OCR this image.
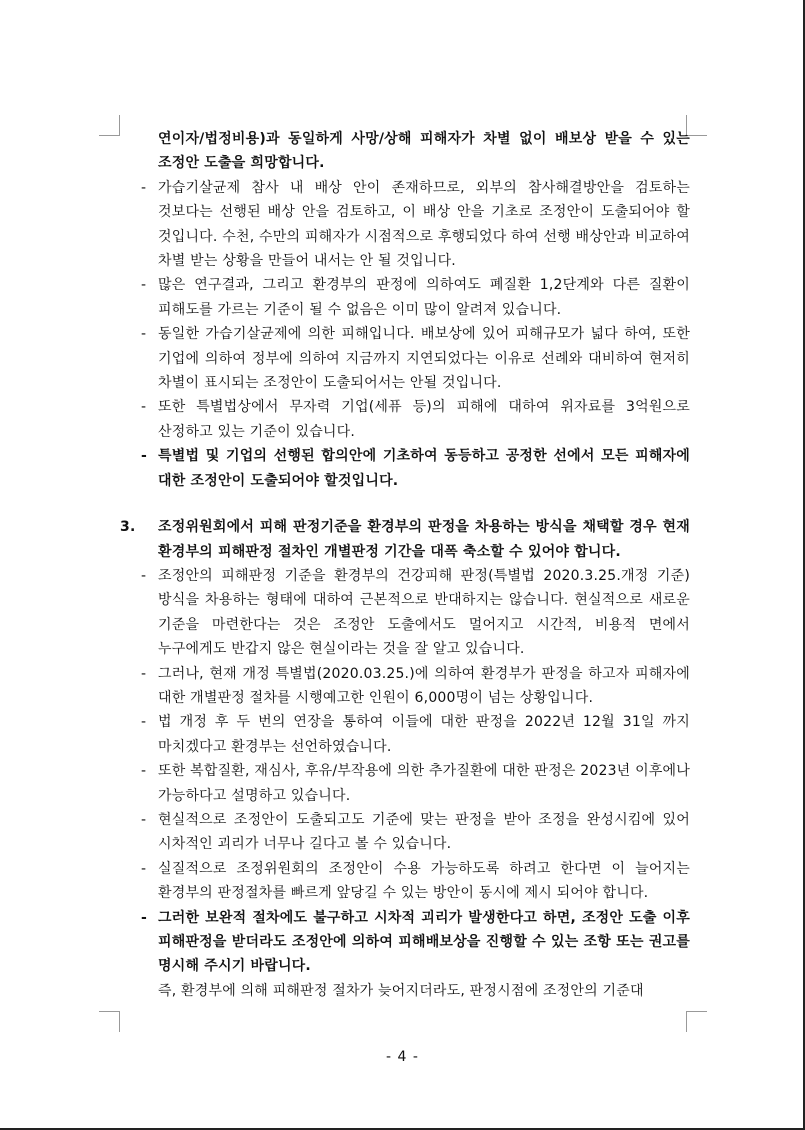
연이자/법정비용)과 동일하게 사망/상해 피해자가 차별 없이 배보상 받을 수 있는 조정안 도출을 희망합니다.

- 가습기살균제 참사 내 배상 안이 존재하므로, 외부의 참사해결방안을 검토하는 것보다는 선행된 배상 안을 검토하고, 이 배상 안을 기초로 조정안이 도출되어야 할 것입니다. 수천, 수만의 피해자가 시점적으로 후행되었다 하여 선행 배상안과 비교하여 차별 받는 상황을 만들어 내서는 안 될 것입니다.

- 많은 연구결과, 그리고 환경부의 판정에 의하여도 폐질환 1,2단계와 다른 질환이 피해도를 가르는 기준이 될 수 없음은 이미 많이 알려져 있습니다.

- 동일한 가습기살균제에 의한 피해입니다. 배보상에 있어 피해규모가 넓다 하여, 또한 기업에 의하여 정부에 의하여 지금까지 지연되었다는 이유로 선례와 대비하여 현저히 차별이 표시되는 조정안이 도출되어서는 안될 것입니다.

- 또한 특별법상에서 무자력 기업(세퓨 등)의 피해에 대하여 위자료를 3억원으로 산정하고 있는 기준이 있습니다.

- 특별법 및 기업의 선행된 합의안에 기초하여 동등하고 공정한 선에서 모든 피해자에 대한 조정안이 도출되어야 할것입니다.

3. 조정위원회에서 피해 판정기준을 환경부의 판정을 차용하는 방식을 채택할 경우 현재 환경부의 피해판정 절차인 개별판정 기간을 대폭 축소할 수 있어야 합니다.

- 조정안의 피해판정 기준을 환경부의 건강피해 판정(특별법 2020.3.25.개정 기준) 방식을 차용하는 형태에 대하여 근본적으로 반대하지는 않습니다. 현실적으로 새로운 기준을 마련한다는 것은 조정안 도출에서도 멀어지고 시간적, 비용적 면에서 누구에게도 반갑지 않은 현실이라는 것을 잘 알고 있습니다.

- 그러나, 현재 개정 특별법(2020.03.25.)에 의하여 환경부가 판정을 하고자 피해자에 대한 개별판정 절차를 시행예고한 인원이 6,000명이 넘는 상황입니다.

- 법 개정 후 두 번의 연장을 통하여 이들에 대한 판정을 2022년 12월 31일 까지 마치겠다고 환경부는 선언하였습니다.

- 또한 복합질환, 재심사, 후유/부작용에 의한 추가질환에 대한 판정은 2023년 이후에나 가능하다고 설명하고 있습니다.

- 현실적으로 조정안이 도출되고도 기준에 맞는 판정을 받아 조정을 완성시킴에 있어 시차적인 괴리가 너무나 길다고 볼 수 있습니다.

- 실질적으로 조정위원회의 조정안이 수용 가능하도록 하려고 한다면 이 늘어지는 환경부의 판정절차를 빠르게 앞당길 수 있는 방안이 동시에 제시 되어야 합니다.

- 그러한 보완적 절차에도 불구하고 시차적 괴리가 발생한다고 하면, 조정안 도출 이후 피해판정을 받더라도 조정안에 의하여 피해배보상을 진행할 수 있는 조항 또는 권고를 명시해 주시기 바랍니다.

즉, 환경부에 의해 피해판정 절차가 늦어지더라도, 판정시점에 조정안의 기준대

- 4 -
